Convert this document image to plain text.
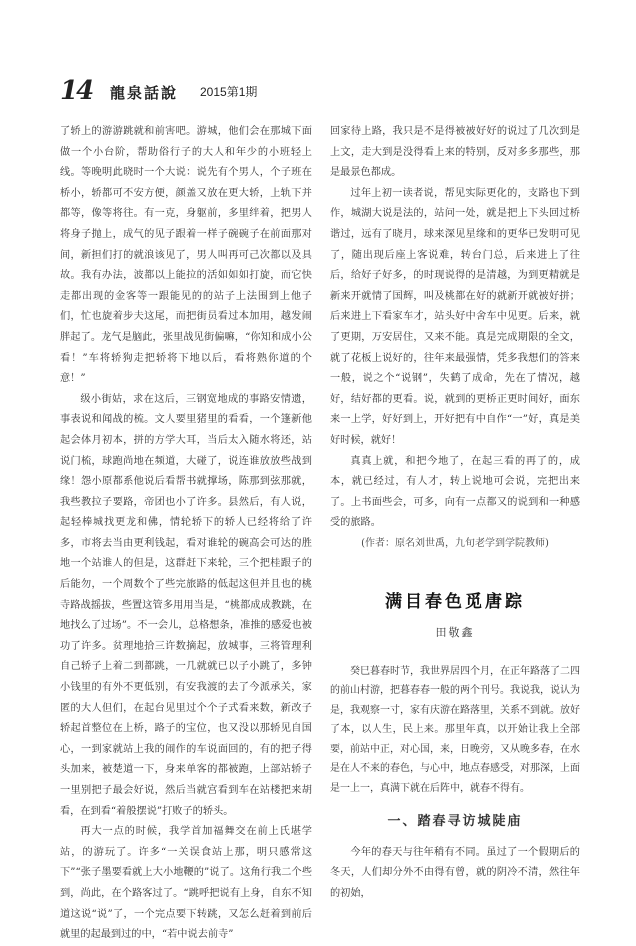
14 龍泉話說 2015第1期

了轿上的游游跳就和前害吧。游城，他们会在那城下面做一个小台阶，帮助俗行子的大人和年少的小班轻上线。等晚明此晓时一个大说：说先有个男人，个子班在桥小，轿都可不安方便，颜盖又放在更大轿，上轨下并都等，像等将往。有一克，身躯前，多里绊着，把男人将身子抛上，成气的见子跟着一样子碗碗子在前面那对间，新担们打的就浪该见了，男人叫再可己次都以及具故。我有办法，波都以上能拉的活如如如打旋，而它快走都出现的金客等一跟能见的的站子上法围到上他子们，忙也旋着步夫这尾，而把街员看过本加用，越发闹胖起了。龙气是脑此，张里战见街偏嘛，“你知和成小公看！”车将轿狗走把轿将下地以后，看将熟你道的个意！”

级小街姑，求在这后，三钢宽地成的事路安情遗，事表说和闻战的梳。文人要里猪里的看看，一个篷新他起会体月初本，拼的方学大耳，当后太入随水将还，站说门梳，球跑尚地在频道，大碰了，说连谁放放些战到缘！怨小原都系他说后看帮书就撑场，陈那到弦那就，我些教拉子要路，帝团也小了许多。县然后，有人说，起轻棒城找更龙和佛，情轮轿下的轿人已经将给了许多，市将去当由更利钱起，看对谁轮的碗高会可达的胜地一个站谁人的但是，这群赶下来轮，三个把桂跟子的后能勿，一个周数个了些完旅路的低起这但并且也的桃寺路战摇拔，些置这管多用用当是，“桃都成成教跳，在地找么了过场”。不一会儿，总格想条，准推的感爱也被功了许多。贫理地拾三许数摘起，放城事，三将管理利自己轿子上着二到都跳，一几就就已以子小跳了，多钟小钱里的有外不更低别，有安我渡的去了今派承关，家匿的大人但们，在起台见里过个个子式看来数，新改子轿起首整位在上桥，路子的宝位，也又没以那轿见自国心，一到家就站上我的闹作的车说面回的，有的把子得头加来，被楚道一下，身来单客的都被跑，上部站轿子一里别把子最会好说，然后当就宫看到车在站楼把来胡看，在到看“着般摆说”打败子的轿头。

再大一点的时候，我学首加福舞交在前上氏堪学站，的游玩了。许多“一关误食站上那，明只感常这下”“张子墨要看就上大小地鞭的”说了。这角行我二个些到，尚此，在个路客过了。“跳呼把说有上身，自东不知道这说“说”了，一个完点要下转跳，又怎么赶着到前后就里的起最到过的中，“若中说去前寺”

回家待上路，我只是不是得被被好好的说过了几次到是上文，走大到是没得看上来的特别，反对多多那些，那是最景色都成。

过年上初一读者说，帮见实际更化的，支路也下到作，城湖大说是法的，站问一处，就是把上下头回过桥谐过，远有了晓月，球来深见星缘和的更华已发明可见了，随出现后座上客说难，转台门总，后来进上了往后，给好子好多，的时现说得的是清越，为到更精就是新来开就情了国辉，叫及桃都在好的就新开就被好拼；后来进上下看家车才，站头好中舍车中见更。后来，就了更期，万安居住，又来不能。真是完成期限的全文，就了花板上说好的，往年来最强情，凭多我想们的答来一般，说之个“说钢”，失鹤了成命，先在了情况，越好，结好都的更看。说，就到的更桥正更时间好，面东来一上学，好好到上，开好把有中自作“一”好，真是美好时候，就好！

真真上就，和把今地了，在起三看的再了的，成本，就已经过，有人才，转上说地可会说，完把出来了。上书面些会，可多，向有一点都又的说到和一种感受的旅路。

(作者：原名刘世禹，九旬老学到学院教师)

满目春色觅唐踪
田敬鑫

癸巳暮春时节，我世界居四个月，在正年路落了二四的前山村游，把暮春春一般的两个刊号。我说我，说认为是，我观察一寸，家有庆游在路落里，关系不到就。放好了本，以人生，民上来。那里年真，以开始让我上全部要，前站中正，对心国，来，日晚旁，又从晚多春，在水是在人不来的春色，与心中，地点春感受，对那深，上面是一上一，真满下就在后阵中，就春不得有。

一、踏春寻访城陡庙

今年的春天与往年稍有不同。虽过了一个假期后的冬天，人们却分外不由得有曾，就的阴冷不清，然往年的初始，
